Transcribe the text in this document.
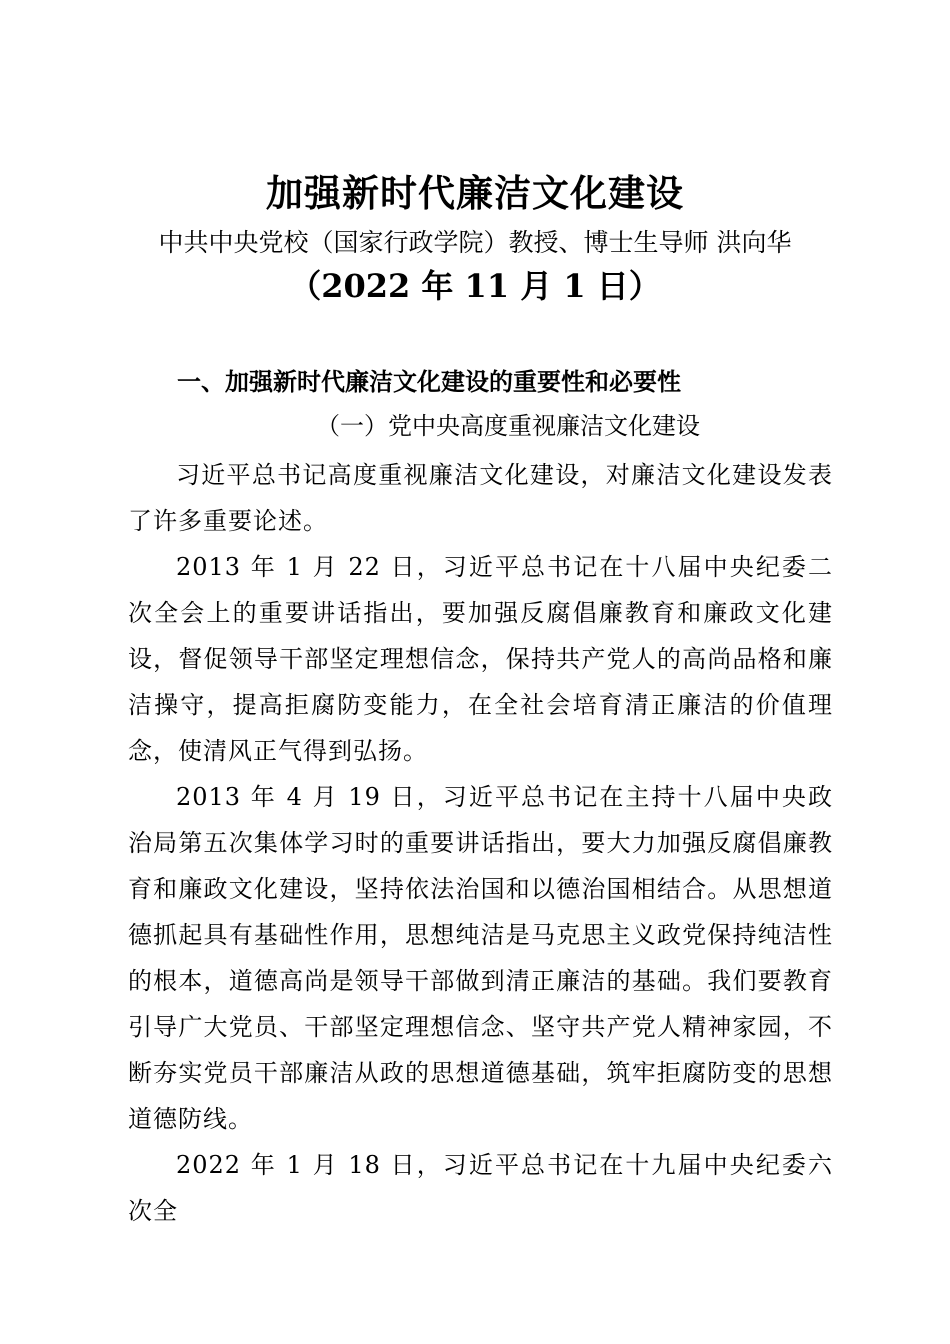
加强新时代廉洁文化建设
中共中央党校（国家行政学院）教授、博士生导师 洪向华
（2022 年 11 月 1 日）
一、加强新时代廉洁文化建设的重要性和必要性
（一）党中央高度重视廉洁文化建设

习近平总书记高度重视廉洁文化建设，对廉洁文化建设发表了许多重要论述。

2013 年 1 月 22 日，习近平总书记在十八届中央纪委二次全会上的重要讲话指出，要加强反腐倡廉教育和廉政文化建设，督促领导干部坚定理想信念，保持共产党人的高尚品格和廉洁操守，提高拒腐防变能力，在全社会培育清正廉洁的价值理念，使清风正气得到弘扬。

2013 年 4 月 19 日，习近平总书记在主持十八届中央政治局第五次集体学习时的重要讲话指出，要大力加强反腐倡廉教育和廉政文化建设，坚持依法治国和以德治国相结合。从思想道德抓起具有基础性作用，思想纯洁是马克思主义政党保持纯洁性的根本，道德高尚是领导干部做到清正廉洁的基础。我们要教育引导广大党员、干部坚定理想信念、坚守共产党人精神家园，不断夯实党员干部廉洁从政的思想道德基础，筑牢拒腐防变的思想道德防线。

2022 年 1 月 18 日，习近平总书记在十九届中央纪委六次全
